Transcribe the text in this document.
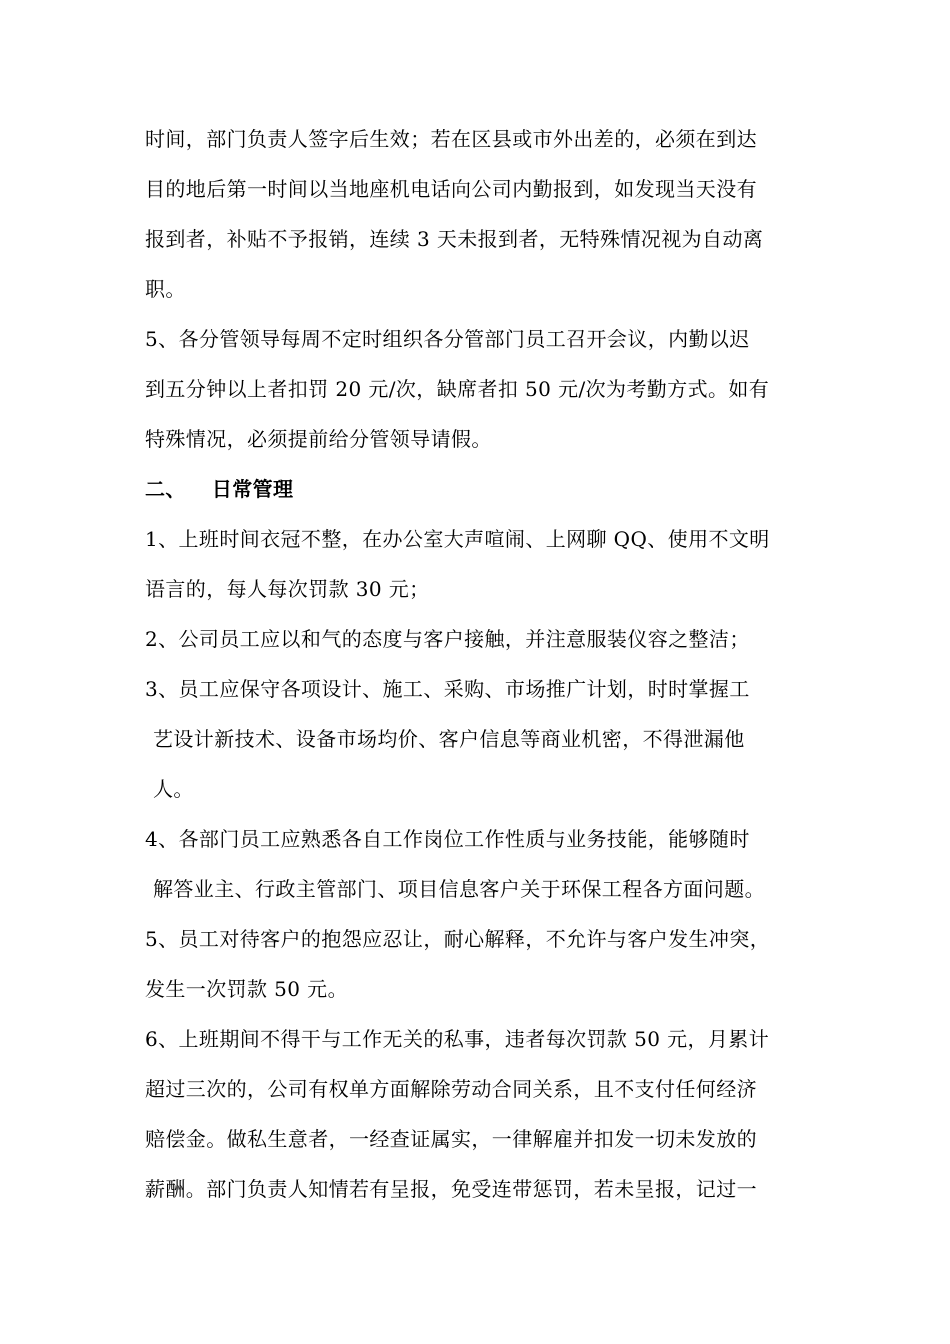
时间，部门负责人签字后生效；若在区县或市外出差的，必须在到达
目的地后第一时间以当地座机电话向公司内勤报到，如发现当天没有
报到者，补贴不予报销，连续 3 天未报到者，无特殊情况视为自动离
职。
5、各分管领导每周不定时组织各分管部门员工召开会议，内勤以迟
到五分钟以上者扣罚 20 元/次，缺席者扣 50 元/次为考勤方式。如有
特殊情况，必须提前给分管领导请假。
二、 日常管理
1、上班时间衣冠不整，在办公室大声喧闹、上网聊 QQ、使用不文明
语言的，每人每次罚款 30 元；
2、公司员工应以和气的态度与客户接触，并注意服装仪容之整洁；
3、员工应保守各项设计、施工、采购、市场推广计划，时时掌握工
艺设计新技术、设备市场均价、客户信息等商业机密，不得泄漏他
人。
4、各部门员工应熟悉各自工作岗位工作性质与业务技能，能够随时
解答业主、行政主管部门、项目信息客户关于环保工程各方面问题。
5、员工对待客户的抱怨应忍让，耐心解释，不允许与客户发生冲突，
发生一次罚款 50 元。
6、上班期间不得干与工作无关的私事，违者每次罚款 50 元，月累计
超过三次的，公司有权单方面解除劳动合同关系，且不支付任何经济
赔偿金。做私生意者，一经查证属实，一律解雇并扣发一切未发放的
薪酬。部门负责人知情若有呈报，免受连带惩罚，若未呈报，记过一
